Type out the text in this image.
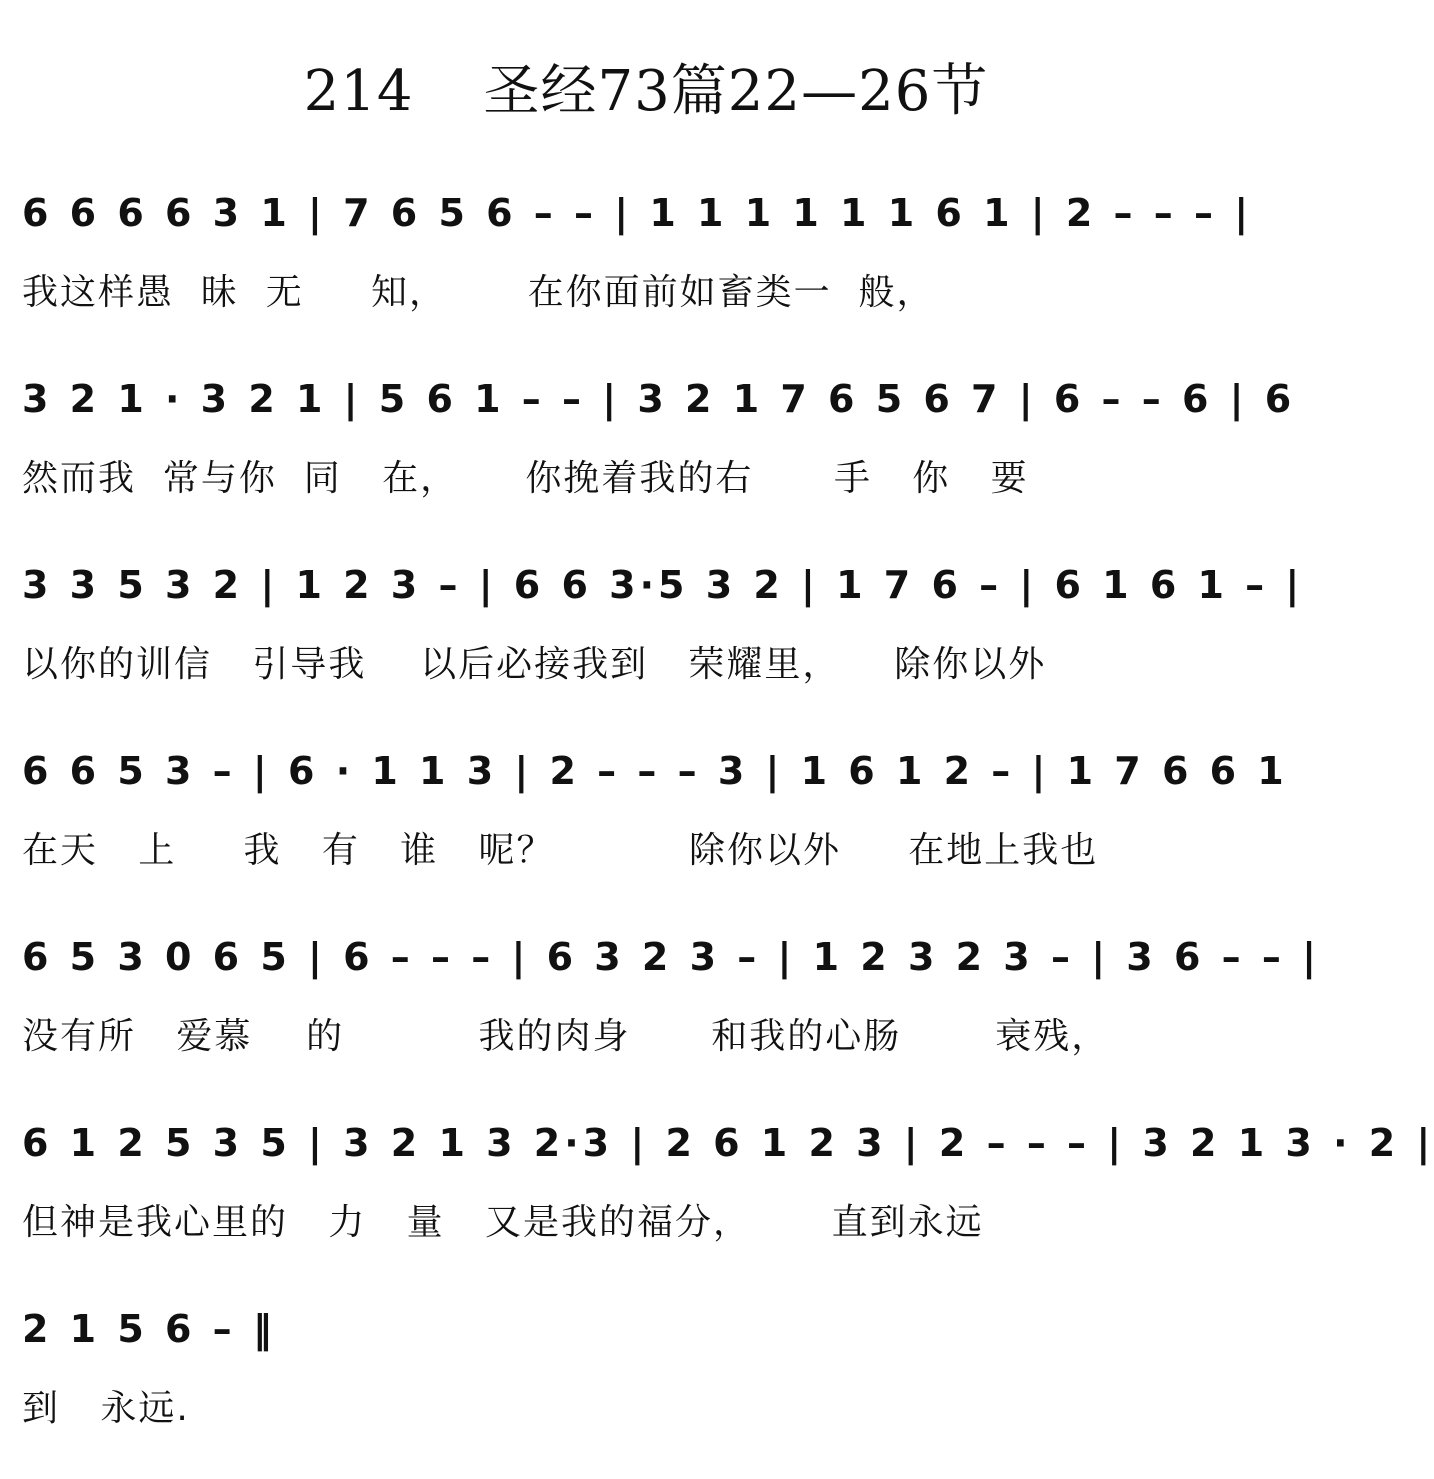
214 圣经73篇22—26节
6 6 6 6 3 1 | 7 6 5 6 – – | 1 1 1 1 1 1 6 1 | 2 – – – |
我这样愚  昧  无     知，      在你面前如畜类一  般，
3 2 1 · 3 2 1 | 5 6 1 – – | 3 2 1 7 6 5 6 7 | 6 – – 6 | 6
然而我  常与你  同   在，     你挽着我的右      手   你   要
3 3 5 3 2 | 1 2 3 – | 6 6 3·5 3 2 | 1 7 6 – | 6 1 6 1 – |
以你的训信   引导我    以后必接我到   荣耀里，    除你以外
6 6 5 3 – | 6 · 1 1 3 | 2 – – – 3 | 1 6 1 2 – | 1 7 6 6 1
在天   上     我   有   谁   呢？          除你以外     在地上我也
6 5 3 0 6 5 | 6 – – – | 6 3 2 3 – | 1 2 3 2 3 – | 3 6 – – |
没有所   爱慕    的          我的肉身      和我的心肠       衰残，
6 1 2 5 3 5 | 3 2 1 3 2·3 | 2 6 1 2 3 | 2 – – – | 3 2 1 3 · 2 |
但神是我心里的   力   量   又是我的福分，      直到永远
2 1 5 6 – ‖
到   永远.
